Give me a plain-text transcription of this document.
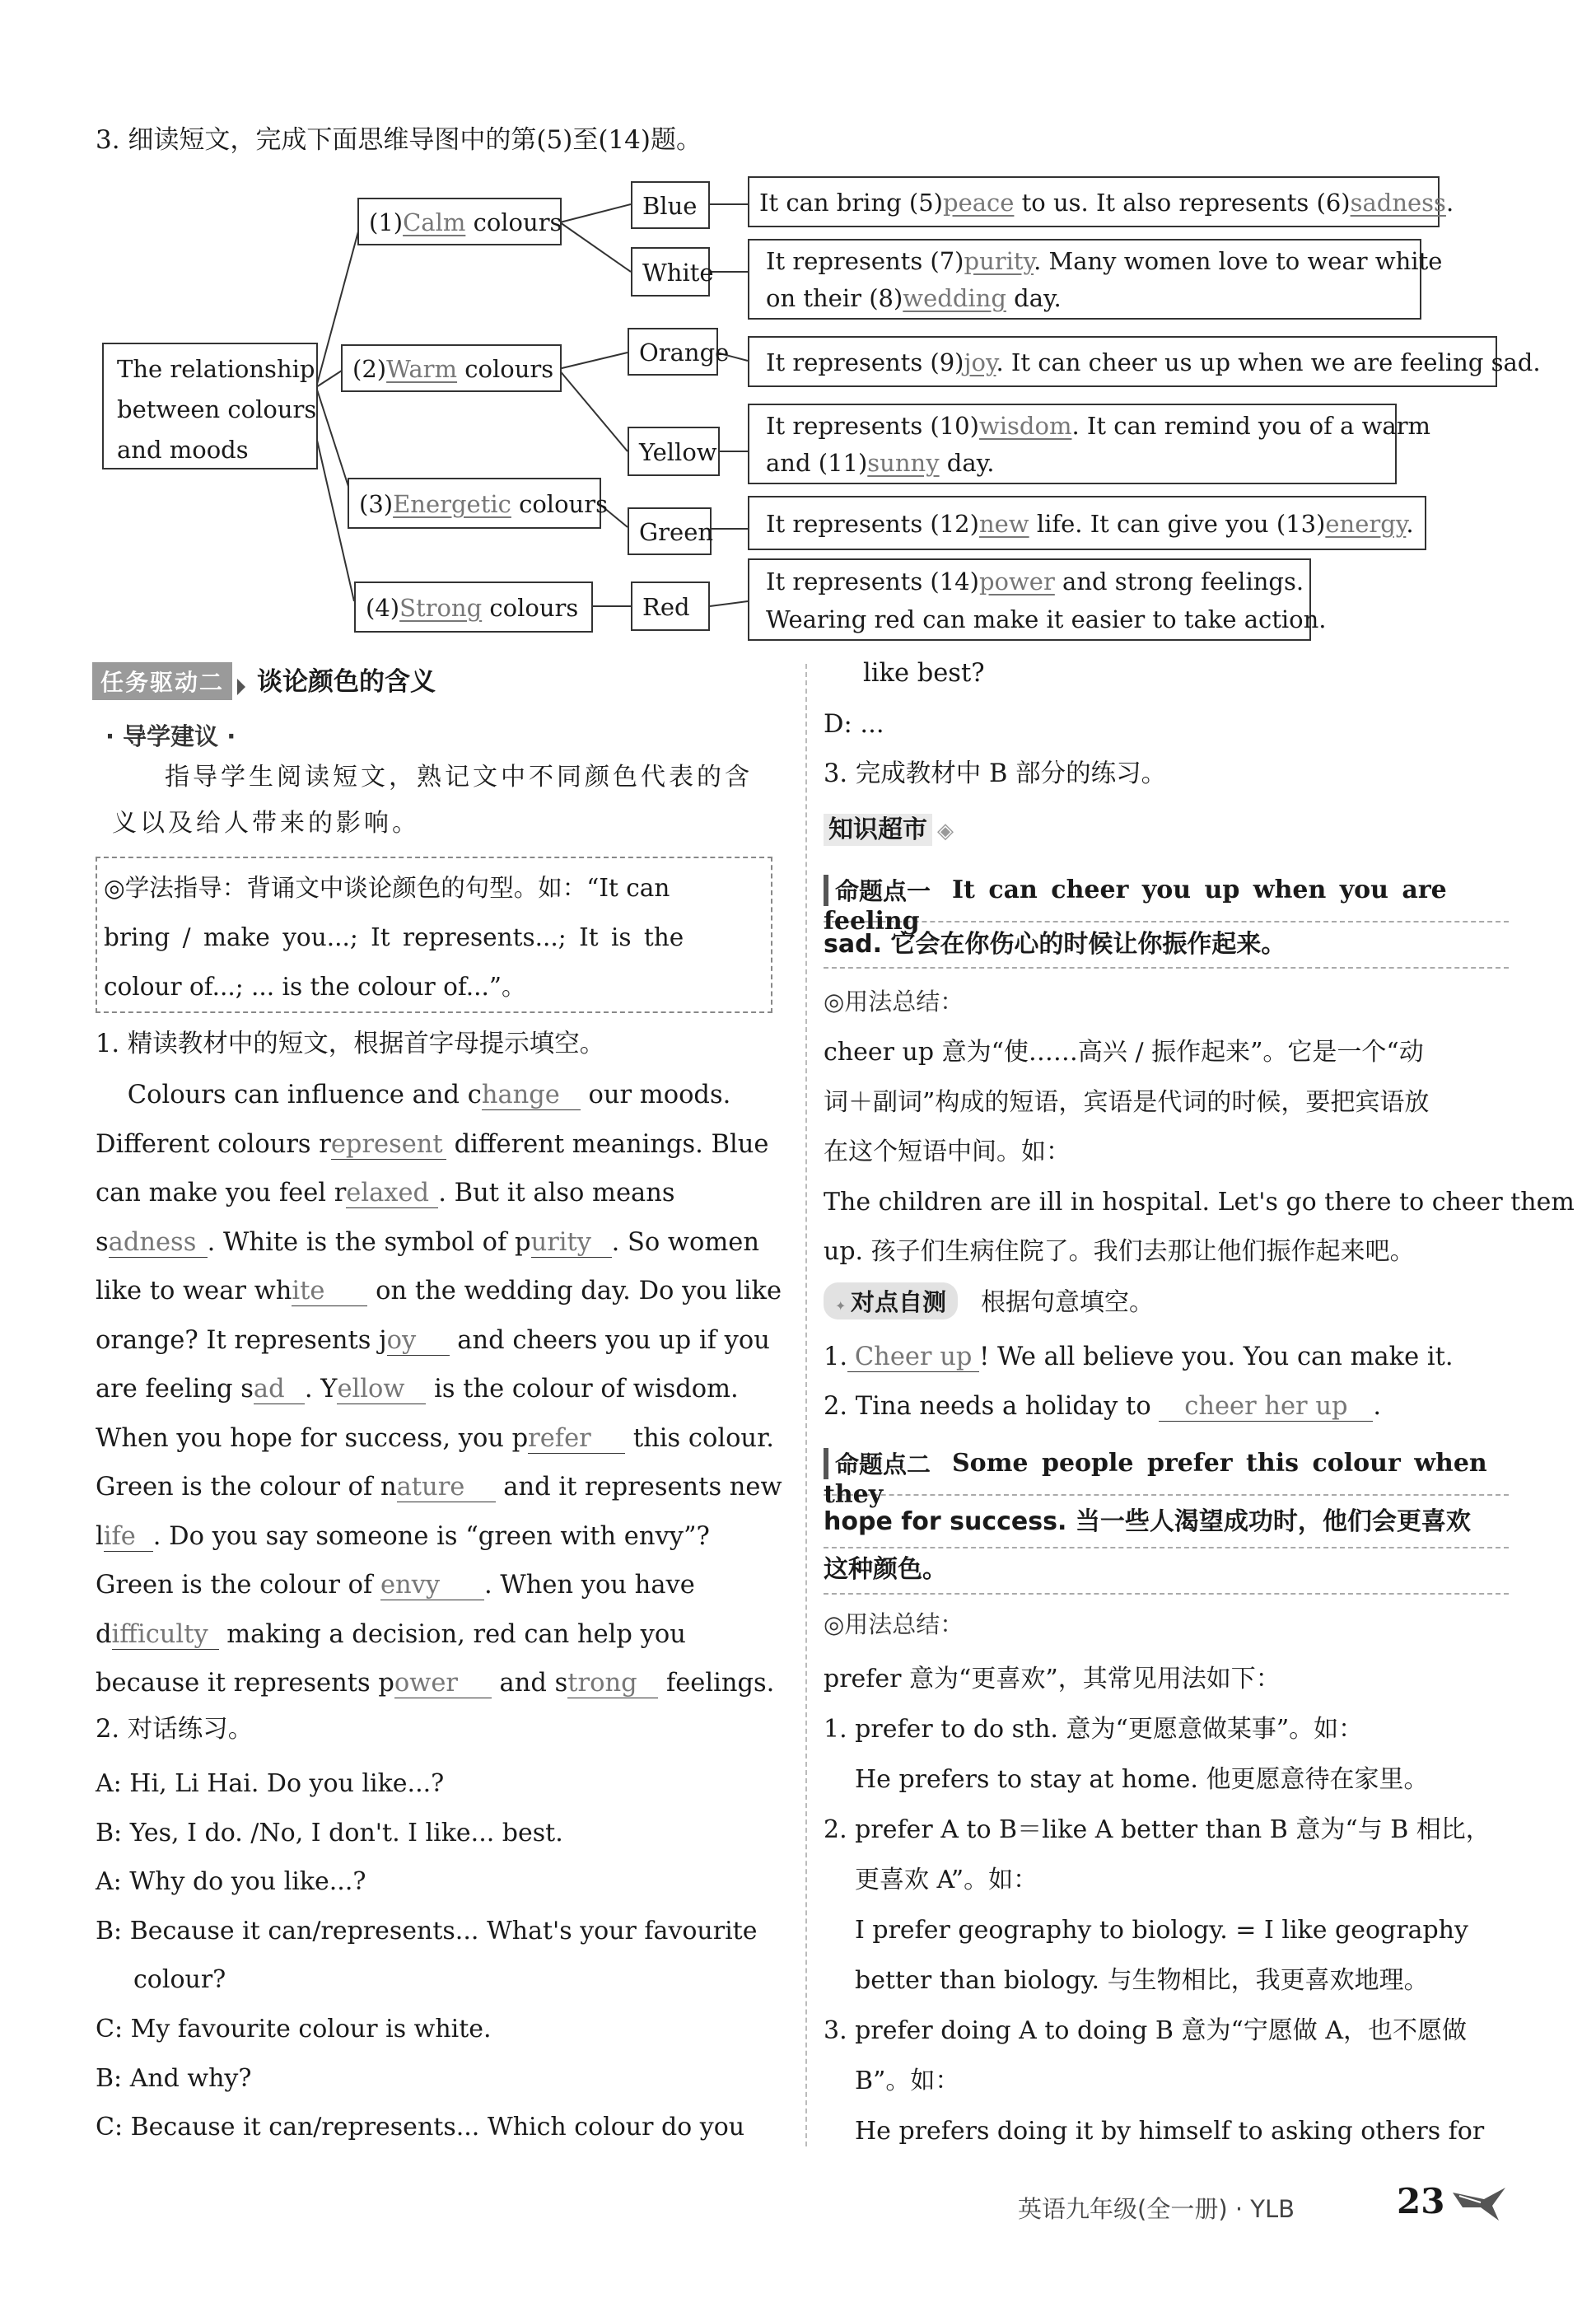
3. 细读短文，完成下面思维导图中的第(5)至(14)题。
The relationship
between colours
and moods
(1)Calm colours
(2)Warm colours
(3)Energetic colours
(4)Strong colours
Blue
White
Orange
Yellow
Green
Red
It can bring (5)peace to us. It also represents (6)sadness.
It represents (7)purity. Many women love to wear white
on their (8)wedding day.
It represents (9)joy. It can cheer us up when we are feeling sad.
It represents (10)wisdom. It can remind you of a warm
and (11)sunny day.
It represents (12)new life. It can give you (13)energy.
It represents (14)power and strong feelings.
Wearing red can make it easier to take action.
任务驱动二 谈论颜色的含义
· 导学建议 ·
指导学生阅读短文，熟记文中不同颜色代表的含
义以及给人带来的影响。
◎学法指导：背诵文中谈论颜色的句型。如：“It can
bring / make you...; It represents...; It is the
colour of...; ... is the colour of...”。
1. 精读教材中的短文，根据首字母提示填空。
Colours can influence and change our moods.
Different colours represent different meanings. Blue
can make you feel relaxed . But it also means
sadness . White is the symbol of purity . So women
like to wear white on the wedding day. Do you like
orange? It represents joy and cheers you up if you
are feeling sad . Yellow is the colour of wisdom.
When you hope for success, you prefer this colour.
Green is the colour of nature and it represents new
life . Do you say someone is “green with envy”?
Green is the colour of envy . When you have
difficulty making a decision, red can help you
because it represents power and strong feelings.
2. 对话练习。
A: Hi, Li Hai. Do you like...?
B: Yes, I do. /No, I don't. I like... best.
A: Why do you like...?
B: Because it can/represents... What's your favourite
colour?
C: My favourite colour is white.
B: And why?
C: Because it can/represents... Which colour do you
like best?
D: ...
3. 完成教材中 B 部分的练习。
知识超市 ◈
命题点一 It can cheer you up when you are feeling
sad. 它会在你伤心的时候让你振作起来。
◎用法总结：
cheer up 意为“使……高兴 / 振作起来”。它是一个“动
词＋副词”构成的短语，宾语是代词的时候，要把宾语放
在这个短语中间。如：
The children are ill in hospital. Let's go there to cheer them
up. 孩子们生病住院了。我们去那让他们振作起来吧。
✦ 对点自测 根据句意填空。
1. Cheer up ! We all believe you. You can make it.
2. Tina needs a holiday to cheer her up .
命题点二 Some people prefer this colour when they
hope for success. 当一些人渴望成功时，他们会更喜欢
这种颜色。
◎用法总结：
prefer 意为“更喜欢”，其常见用法如下：
1. prefer to do sth. 意为“更愿意做某事”。如：
He prefers to stay at home. 他更愿意待在家里。
2. prefer A to B＝like A better than B 意为“与 B 相比，
更喜欢 A”。如：
I prefer geography to biology. = I like geography
better than biology. 与生物相比，我更喜欢地理。
3. prefer doing A to doing B 意为“宁愿做 A，也不愿做
B”。如：
He prefers doing it by himself to asking others for
英语九年级(全一册) · YLB	23
